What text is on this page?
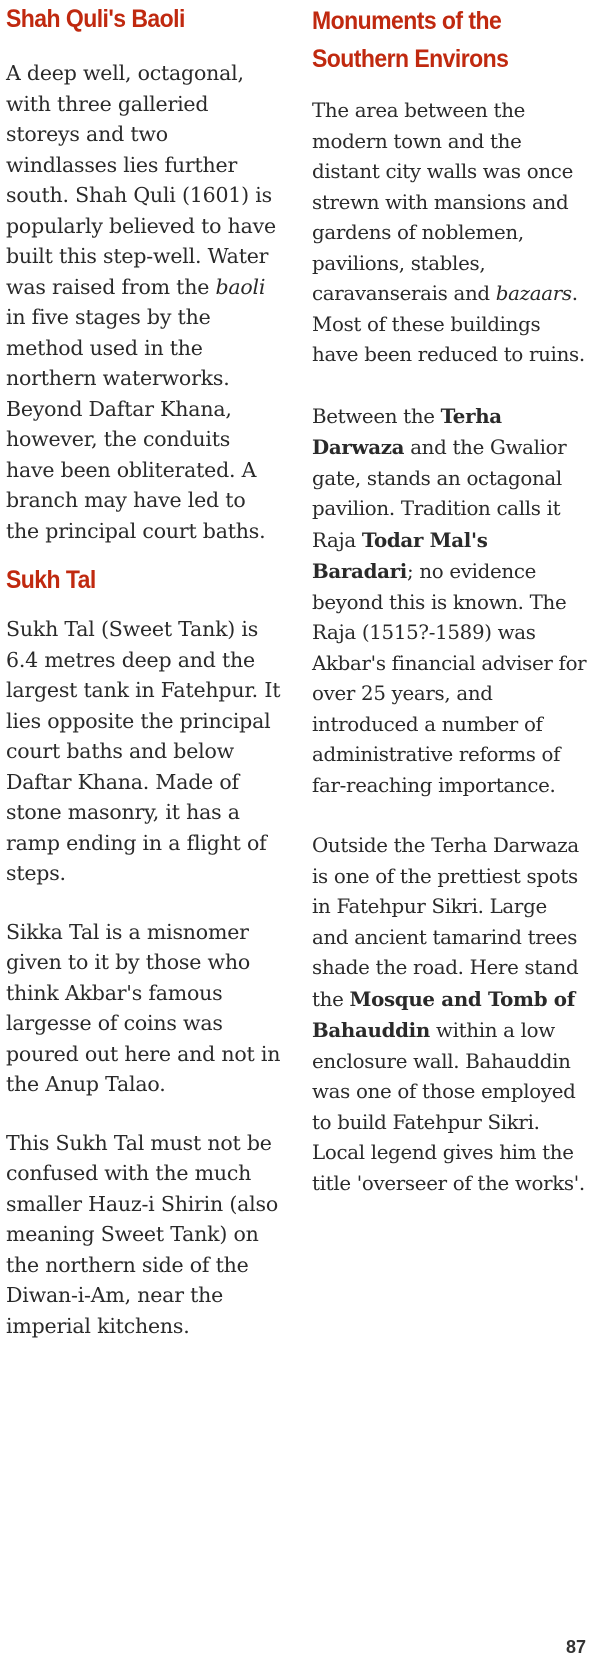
Shah Quli's Baoli

A deep well, octagonal, with three galleried storeys and two windlasses lies further south. Shah Quli (1601) is popularly believed to have built this step-well. Water was raised from the baoli in five stages by the method used in the northern waterworks. Beyond Daftar Khana, however, the conduits have been obliterated. A branch may have led to the principal court baths.

Sukh Tal

Sukh Tal (Sweet Tank) is 6.4 metres deep and the largest tank in Fatehpur. It lies opposite the principal court baths and below Daftar Khana. Made of stone masonry, it has a ramp ending in a flight of steps.

Sikka Tal is a misnomer given to it by those who think Akbar's famous largesse of coins was poured out here and not in the Anup Talao.

This Sukh Tal must not be confused with the much smaller Hauz-i Shirin (also meaning Sweet Tank) on the northern side of the Diwan-i-Am, near the imperial kitchens.

Monuments of the Southern Environs

The area between the modern town and the distant city walls was once strewn with mansions and gardens of noblemen, pavilions, stables, caravanserais and bazaars. Most of these buildings have been reduced to ruins.

Between the Terha Darwaza and the Gwalior gate, stands an octagonal pavilion. Tradition calls it Raja Todar Mal's Baradari; no evidence beyond this is known. The Raja (1515?-1589) was Akbar's financial adviser for over 25 years, and introduced a number of administrative reforms of far-reaching importance.

Outside the Terha Darwaza is one of the prettiest spots in Fatehpur Sikri. Large and ancient tamarind trees shade the road. Here stand the Mosque and Tomb of Bahauddin within a low enclosure wall. Bahauddin was one of those employed to build Fatehpur Sikri. Local legend gives him the title 'overseer of the works'.

87
